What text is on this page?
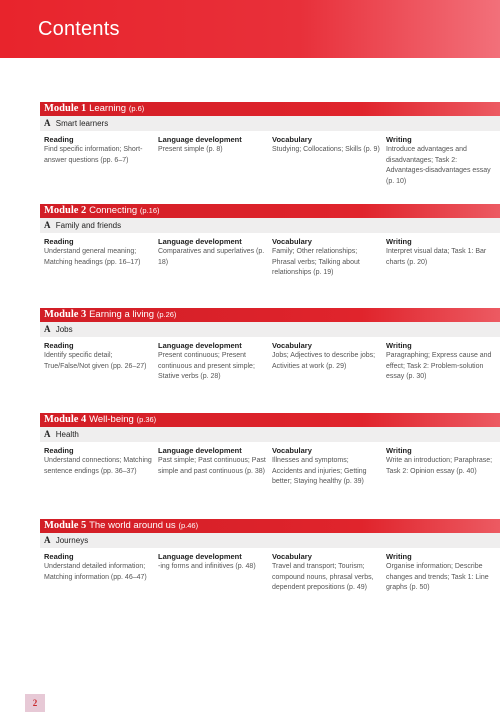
Contents
Module 1 Learning (p.6)
A Smart learners
Reading
Find specific information; Short-answer questions (pp. 6–7)
Language development
Present simple (p. 8)
Vocabulary
Studying; Collocations; Skills (p. 9)
Writing
Introduce advantages and disadvantages; Task 2: Advantages-disadvantages essay (p. 10)
Module 2 Connecting (p.16)
A Family and friends
Reading
Understand general meaning; Matching headings (pp. 16–17)
Language development
Comparatives and superlatives (p. 18)
Vocabulary
Family; Other relationships; Phrasal verbs; Talking about relationships (p. 19)
Writing
Interpret visual data; Task 1: Bar charts (p. 20)
Module 3 Earning a living (p.26)
A Jobs
Reading
Identify specific detail; True/False/Not given (pp. 26–27)
Language development
Present continuous; Present continuous and present simple; Stative verbs (p. 28)
Vocabulary
Jobs; Adjectives to describe jobs; Activities at work (p. 29)
Writing
Paragraphing; Express cause and effect; Task 2: Problem-solution essay (p. 30)
Module 4 Well-being (p.36)
A Health
Reading
Understand connections; Matching sentence endings (pp. 36–37)
Language development
Past simple; Past continuous; Past simple and past continuous (p. 38)
Vocabulary
Illnesses and symptoms; Accidents and injuries; Getting better; Staying healthy (p. 39)
Writing
Write an introduction; Paraphrase; Task 2: Opinion essay (p. 40)
Module 5 The world around us (p.46)
A Journeys
Reading
Understand detailed information; Matching information (pp. 46–47)
Language development
-ing forms and infinitives (p. 48)
Vocabulary
Travel and transport; Tourism; compound nouns, phrasal verbs, dependent prepositions (p. 49)
Writing
Organise information; Describe changes and trends; Task 1: Line graphs (p. 50)
2
